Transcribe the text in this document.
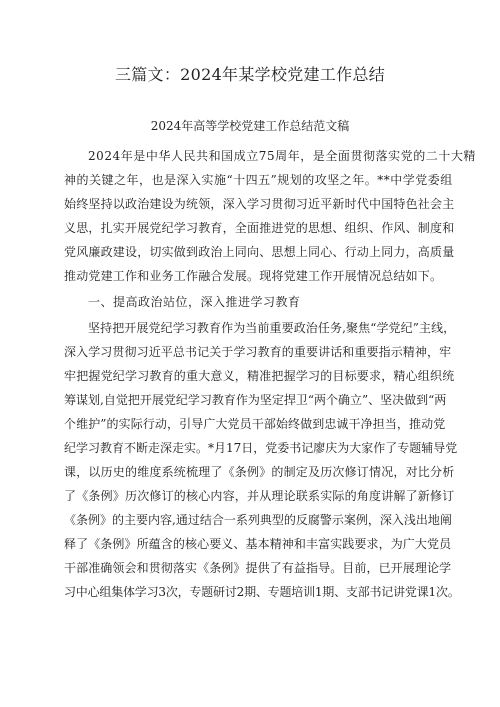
三篇文：2024年某学校党建工作总结
2024年高等学校党建工作总结范文稿

2024年是中华人民共和国成立75周年，是全面贯彻落实党的二十大精

神的关键之年，也是深入实施“十四五”规划的攻坚之年。**中学党委组

始终坚持以政治建设为统领，深入学习贯彻习近平新时代中国特色社会主

义思，扎实开展党纪学习教育，全面推进党的思想、组织、作风、制度和

党风廉政建设，切实做到政治上同向、思想上同心、行动上同力，高质量

推动党建工作和业务工作融合发展。现将党建工作开展情况总结如下。

一、提高政治站位，深入推进学习教育

坚持把开展党纪学习教育作为当前重要政治任务,聚焦“学党纪”主线，

深入学习贯彻习近平总书记关于学习教育的重要讲话和重要指示精神，牢

牢把握党纪学习教育的重大意义，精准把握学习的目标要求，精心组织统

筹谋划,自觉把开展党纪学习教育作为坚定捍卫“两个确立”、坚决做到“两

个维护”的实际行动，引导广大党员干部始终做到忠诚干净担当，推动党

纪学习教育不断走深走实。*月17日，党委书记廖庆为大家作了专题辅导党

课，以历史的维度系统梳理了《条例》的制定及历次修订情况，对比分析

了《条例》历次修订的核心内容，并从理论联系实际的角度讲解了新修订

《条例》的主要内容,通过结合一系列典型的反腐警示案例，深入浅出地阐

释了《条例》所蕴含的核心要义、基本精神和丰富实践要求，为广大党员

干部准确领会和贯彻落实《条例》提供了有益指导。目前，已开展理论学

习中心组集体学习3次，专题研讨2期、专题培训1期、支部书记讲党课1次。
